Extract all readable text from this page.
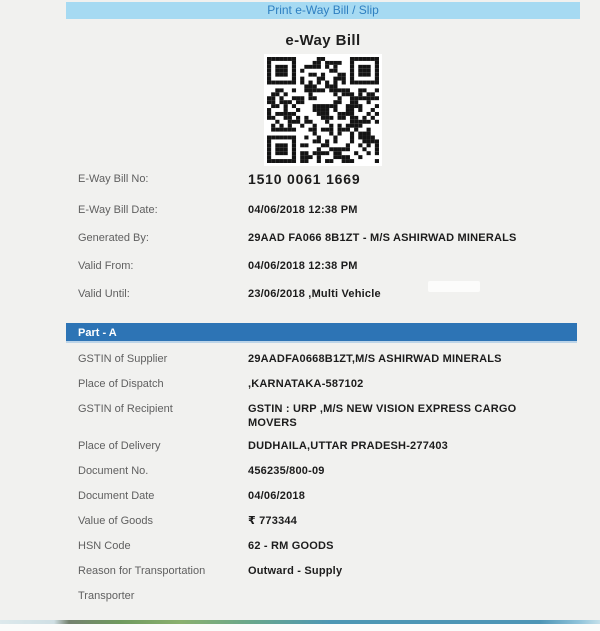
Print e-Way Bill / Slip
e-Way Bill
E-Way Bill No:	1510 0061 1669
E-Way Bill Date:	04/06/2018 12:38 PM
Generated By:	29AAD FA066 8B1ZT - M/S ASHIRWAD MINERALS
Valid From:	04/06/2018 12:38 PM
Valid Until:	23/06/2018 ,Multi Vehicle
Part - A
GSTIN of Supplier	29AADFA0668B1ZT,M/S ASHIRWAD MINERALS
Place of Dispatch	,KARNATAKA-587102
GSTIN of Recipient	GSTIN : URP ,M/S NEW VISION EXPRESS CARGO MOVERS
Place of Delivery	DUDHAILA,UTTAR PRADESH-277403
Document No.	456235/800-09
Document Date	04/06/2018
Value of Goods	₹ 773344
HSN Code	62 - RM GOODS
Reason for Transportation	Outward - Supply
Transporter
